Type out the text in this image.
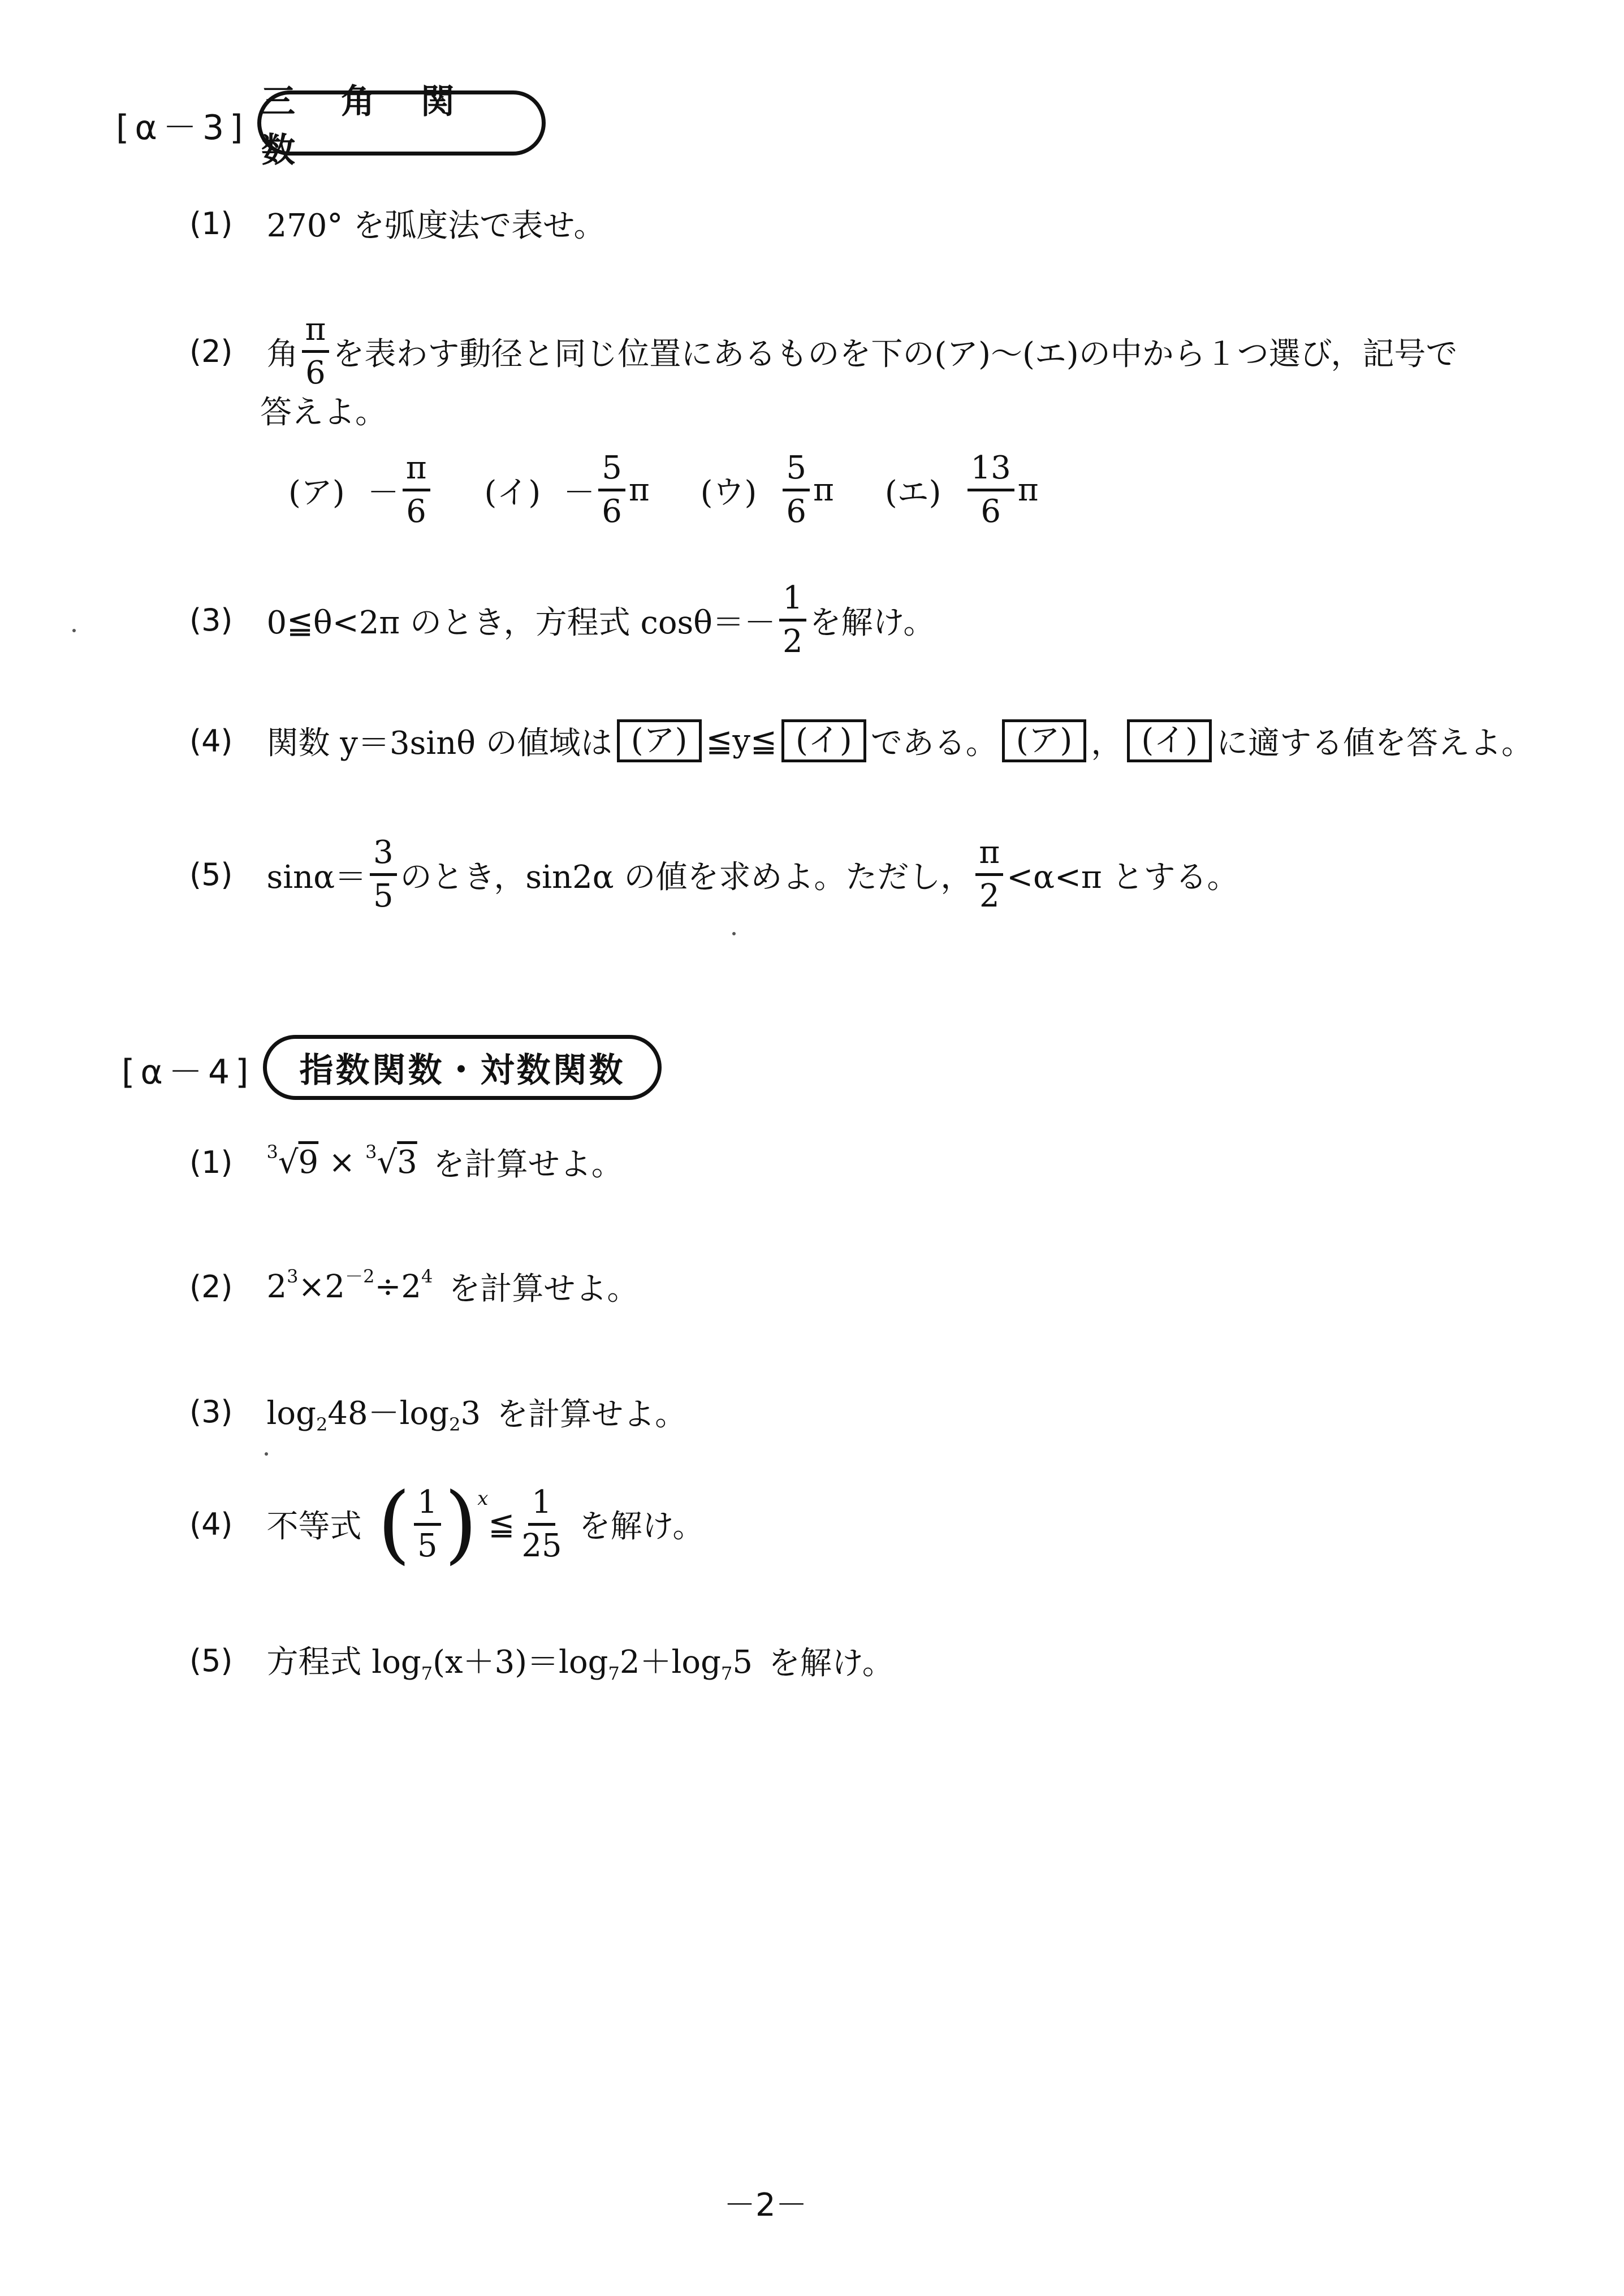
[α－3]
三 角 関 数
(1) 270° を弧度法で表せ。
(2) 角 $\frac{\pi}{6}$ を表わす動径と同じ位置にあるものを下の(ア)～(エ)の中から１つ選び，記号で
答えよ。
(ア) － $\frac{\pi}{6}$ (イ) － $\frac{5}{6}$ π (ウ) $\frac{5}{6}$ π (エ) $\frac{13}{6}$ π
(3) 0≦θ<2π のとき，方程式 $\cos\theta=- \frac{1}{2}$ を解け。
(4) 関数 y＝3sinθ の値域は (ア) ≦y≦ (イ) である。 (ア) ， (イ) に適する値を答えよ。
(5) $\sin\alpha= \frac{3}{5}$ のとき，sin2α の値を求めよ。ただし， $\frac{\pi}{2} <\alpha<\pi$ とする。
[α－4] 指数関数・対数関数
(1) $^3$√9 × $^3$√3 を計算せよ。
(2) $2^3\times 2^{-2}\div 2^4$ を計算せよ。
(3) $\log_248-\log_23$ を計算せよ。
(4) 不等式 ( $\frac{1}{5}$ ) x
≦ $\frac{1}{25}$ を解け。
(5) 方程式 $\log_7(x+3)=\log_72+\log_75$ を解け。
－2－
